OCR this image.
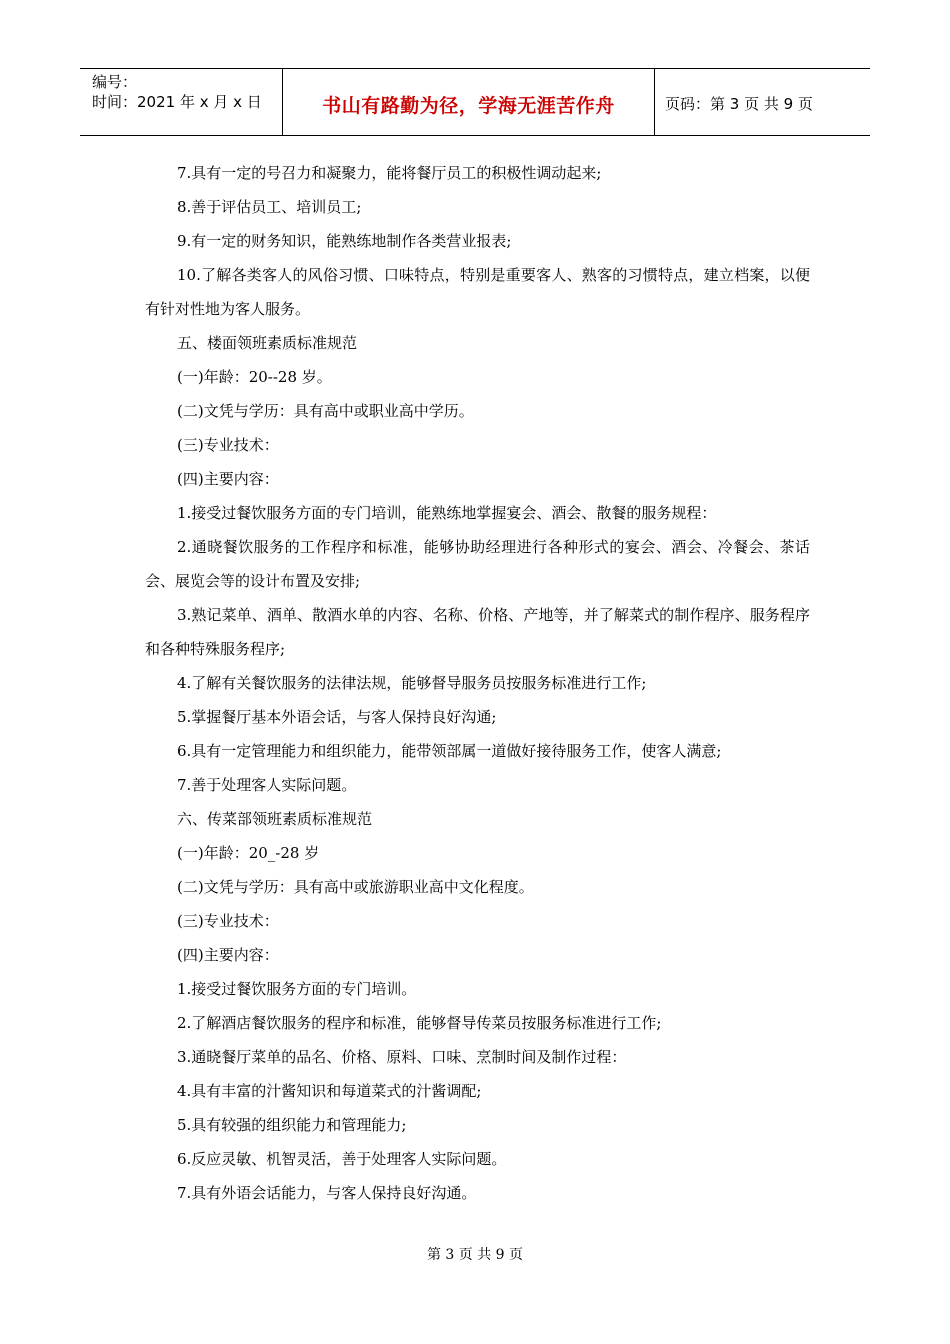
编号：
时间：2021 年 x 月 x 日	书山有路勤为径，学海无涯苦作舟	页码：第 3 页 共 9 页

7.具有一定的号召力和凝聚力，能将餐厅员工的积极性调动起来;

8.善于评估员工、培训员工;

9.有一定的财务知识，能熟练地制作各类营业报表;

10.了解各类客人的风俗习惯、口味特点，特别是重要客人、熟客的习惯特点，建立档案，以便有针对性地为客人服务。

五、楼面领班素质标准规范

(一)年龄：20--28 岁。

(二)文凭与学历：具有高中或职业高中学历。

(三)专业技术：

(四)主要内容：

1.接受过餐饮服务方面的专门培训，能熟练地掌握宴会、酒会、散餐的服务规程：

2.通晓餐饮服务的工作程序和标准，能够协助经理进行各种形式的宴会、酒会、冷餐会、茶话会、展览会等的设计布置及安排;

3.熟记菜单、酒单、散酒水单的内容、名称、价格、产地等，并了解菜式的制作程序、服务程序和各种特殊服务程序;

4.了解有关餐饮服务的法律法规，能够督导服务员按服务标准进行工作;

5.掌握餐厅基本外语会话，与客人保持良好沟通;

6.具有一定管理能力和组织能力，能带领部属一道做好接待服务工作，使客人满意;

7.善于处理客人实际问题。

六、传菜部领班素质标准规范

(一)年龄：20_-28 岁

(二)文凭与学历：具有高中或旅游职业高中文化程度。

(三)专业技术：

(四)主要内容：

1.接受过餐饮服务方面的专门培训。

2.了解酒店餐饮服务的程序和标准，能够督导传菜员按服务标准进行工作;

3.通晓餐厅菜单的品名、价格、原料、口味、烹制时间及制作过程：

4.具有丰富的汁酱知识和每道菜式的汁酱调配;

5.具有较强的组织能力和管理能力;

6.反应灵敏、机智灵活，善于处理客人实际问题。

7.具有外语会话能力，与客人保持良好沟通。

第 3 页 共 9 页
